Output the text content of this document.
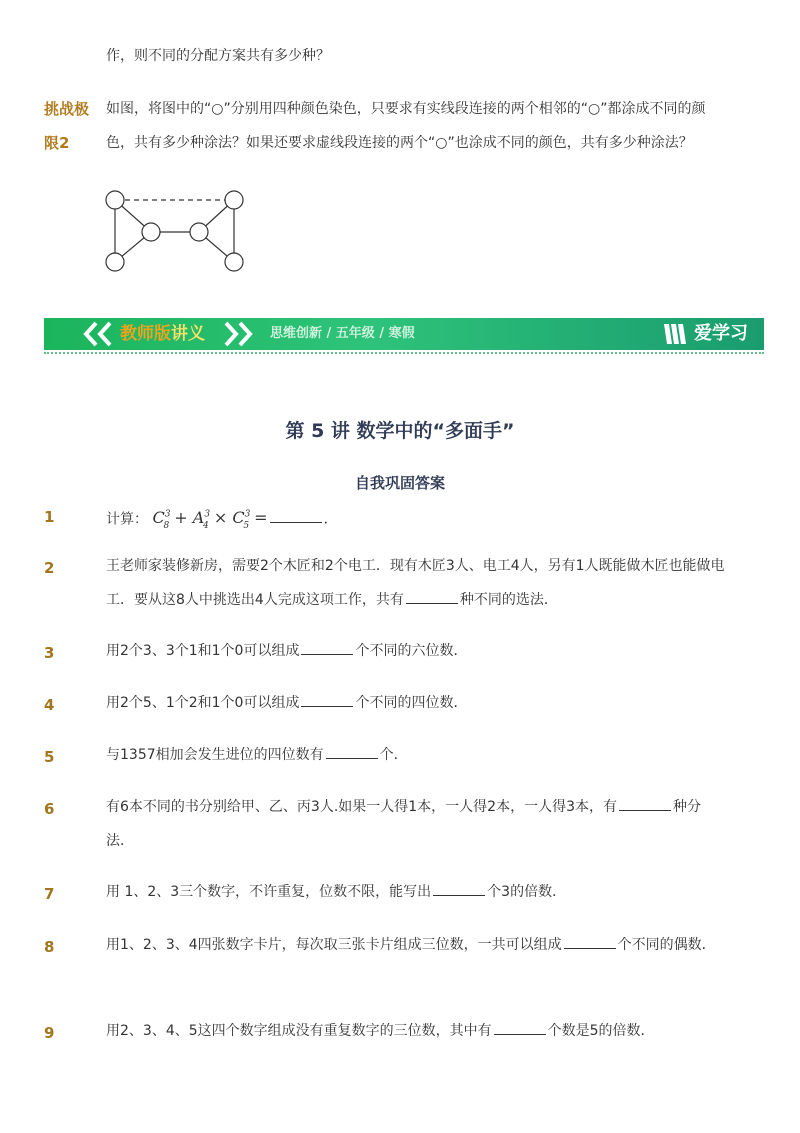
作，则不同的分配方案共有多少种？
挑战极
限2
如图，将图中的“○”分别用四种颜色染色，只要求有实线段连接的两个相邻的“○”都涂成不同的颜色，共有多少种涂法？如果还要求虚线段连接的两个“○”也涂成不同的颜色，共有多少种涂法？
教师版讲义	思维创新 / 五年级 / 寒假	爱学习
第 5 讲 数学中的“多面手”
自我巩固答案
1	计算： $C^3_8 + A^3_4 \times C^3_5$ =	．
2	王老师家装修新房，需要2个木匠和2个电工．现有木匠3人、电工4人，另有1人既能做木匠也能做电工．要从这8人中挑选出4人完成这项工作，共有	种不同的选法．
3	用2个3、3个1和1个0可以组成	个不同的六位数．
4	用2个5、1个2和1个0可以组成	个不同的四位数．
5	与1357相加会发生进位的四位数有	个．
6	有6本不同的书分别给甲、乙、丙3人.如果一人得1本，一人得2本，一人得3本，有	种分法．
7	用 1、2、3三个数字，不许重复，位数不限，能写出	个3的倍数．
8	用1、2、3、4四张数字卡片，每次取三张卡片组成三位数，一共可以组成	个不同的偶数．
9	用2、3、4、5这四个数字组成没有重复数字的三位数，其中有	个数是5的倍数．
